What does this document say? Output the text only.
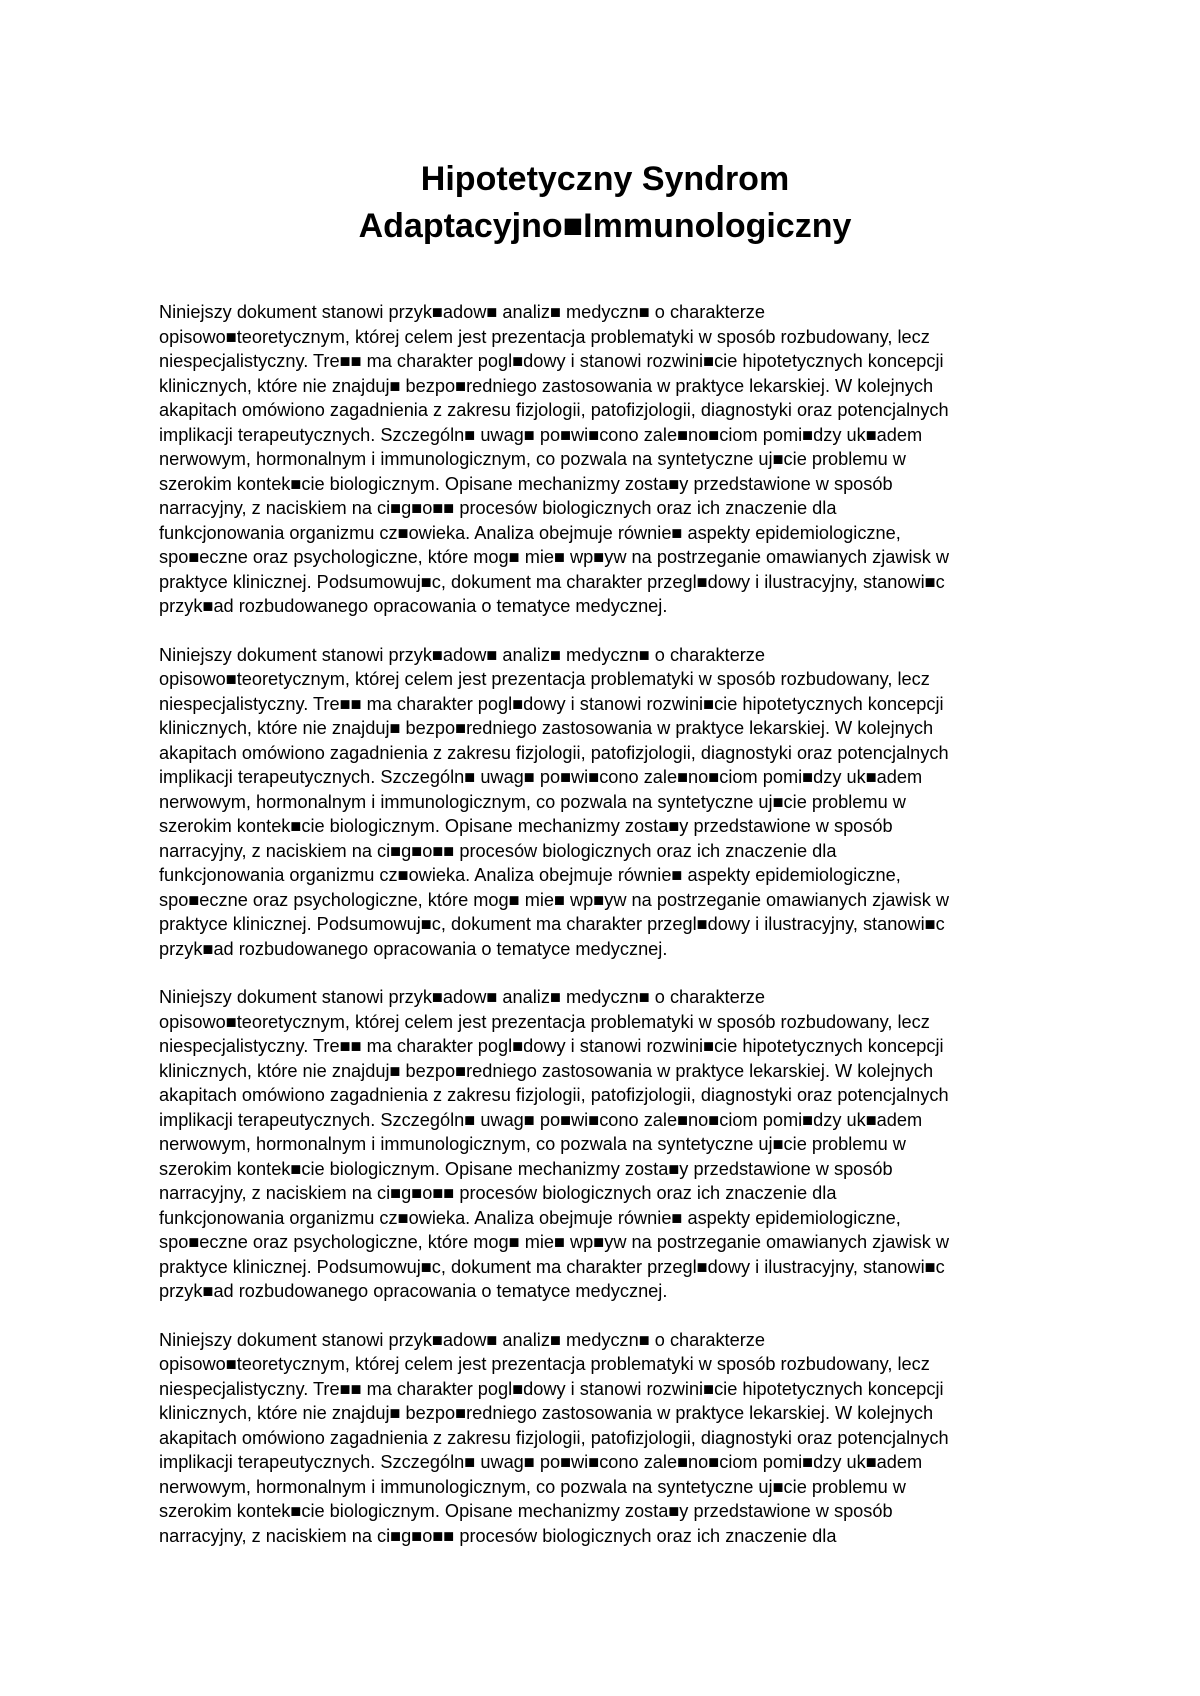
Hipotetyczny Syndrom
Adaptacyjno■Immunologiczny

Niniejszy dokument stanowi przyk■adow■ analiz■ medyczn■ o charakterze
opisowo■teoretycznym, której celem jest prezentacja problematyki w sposób rozbudowany, lecz
niespecjalistyczny. Tre■■ ma charakter pogl■dowy i stanowi rozwini■cie hipotetycznych koncepcji
klinicznych, które nie znajduj■ bezpo■redniego zastosowania w praktyce lekarskiej. W kolejnych
akapitach omówiono zagadnienia z zakresu fizjologii, patofizjologii, diagnostyki oraz potencjalnych
implikacji terapeutycznych. Szczególn■ uwag■ po■wi■cono zale■no■ciom pomi■dzy uk■adem
nerwowym, hormonalnym i immunologicznym, co pozwala na syntetyczne uj■cie problemu w
szerokim kontek■cie biologicznym. Opisane mechanizmy zosta■y przedstawione w sposób
narracyjny, z naciskiem na ci■g■o■■ procesów biologicznych oraz ich znaczenie dla
funkcjonowania organizmu cz■owieka. Analiza obejmuje równie■ aspekty epidemiologiczne,
spo■eczne oraz psychologiczne, które mog■ mie■ wp■yw na postrzeganie omawianych zjawisk w
praktyce klinicznej. Podsumowuj■c, dokument ma charakter przegl■dowy i ilustracyjny, stanowi■c
przyk■ad rozbudowanego opracowania o tematyce medycznej.

Niniejszy dokument stanowi przyk■adow■ analiz■ medyczn■ o charakterze
opisowo■teoretycznym, której celem jest prezentacja problematyki w sposób rozbudowany, lecz
niespecjalistyczny. Tre■■ ma charakter pogl■dowy i stanowi rozwini■cie hipotetycznych koncepcji
klinicznych, które nie znajduj■ bezpo■redniego zastosowania w praktyce lekarskiej. W kolejnych
akapitach omówiono zagadnienia z zakresu fizjologii, patofizjologii, diagnostyki oraz potencjalnych
implikacji terapeutycznych. Szczególn■ uwag■ po■wi■cono zale■no■ciom pomi■dzy uk■adem
nerwowym, hormonalnym i immunologicznym, co pozwala na syntetyczne uj■cie problemu w
szerokim kontek■cie biologicznym. Opisane mechanizmy zosta■y przedstawione w sposób
narracyjny, z naciskiem na ci■g■o■■ procesów biologicznych oraz ich znaczenie dla
funkcjonowania organizmu cz■owieka. Analiza obejmuje równie■ aspekty epidemiologiczne,
spo■eczne oraz psychologiczne, które mog■ mie■ wp■yw na postrzeganie omawianych zjawisk w
praktyce klinicznej. Podsumowuj■c, dokument ma charakter przegl■dowy i ilustracyjny, stanowi■c
przyk■ad rozbudowanego opracowania o tematyce medycznej.

Niniejszy dokument stanowi przyk■adow■ analiz■ medyczn■ o charakterze
opisowo■teoretycznym, której celem jest prezentacja problematyki w sposób rozbudowany, lecz
niespecjalistyczny. Tre■■ ma charakter pogl■dowy i stanowi rozwini■cie hipotetycznych koncepcji
klinicznych, które nie znajduj■ bezpo■redniego zastosowania w praktyce lekarskiej. W kolejnych
akapitach omówiono zagadnienia z zakresu fizjologii, patofizjologii, diagnostyki oraz potencjalnych
implikacji terapeutycznych. Szczególn■ uwag■ po■wi■cono zale■no■ciom pomi■dzy uk■adem
nerwowym, hormonalnym i immunologicznym, co pozwala na syntetyczne uj■cie problemu w
szerokim kontek■cie biologicznym. Opisane mechanizmy zosta■y przedstawione w sposób
narracyjny, z naciskiem na ci■g■o■■ procesów biologicznych oraz ich znaczenie dla
funkcjonowania organizmu cz■owieka. Analiza obejmuje równie■ aspekty epidemiologiczne,
spo■eczne oraz psychologiczne, które mog■ mie■ wp■yw na postrzeganie omawianych zjawisk w
praktyce klinicznej. Podsumowuj■c, dokument ma charakter przegl■dowy i ilustracyjny, stanowi■c
przyk■ad rozbudowanego opracowania o tematyce medycznej.

Niniejszy dokument stanowi przyk■adow■ analiz■ medyczn■ o charakterze
opisowo■teoretycznym, której celem jest prezentacja problematyki w sposób rozbudowany, lecz
niespecjalistyczny. Tre■■ ma charakter pogl■dowy i stanowi rozwini■cie hipotetycznych koncepcji
klinicznych, które nie znajduj■ bezpo■redniego zastosowania w praktyce lekarskiej. W kolejnych
akapitach omówiono zagadnienia z zakresu fizjologii, patofizjologii, diagnostyki oraz potencjalnych
implikacji terapeutycznych. Szczególn■ uwag■ po■wi■cono zale■no■ciom pomi■dzy uk■adem
nerwowym, hormonalnym i immunologicznym, co pozwala na syntetyczne uj■cie problemu w
szerokim kontek■cie biologicznym. Opisane mechanizmy zosta■y przedstawione w sposób
narracyjny, z naciskiem na ci■g■o■■ procesów biologicznych oraz ich znaczenie dla
